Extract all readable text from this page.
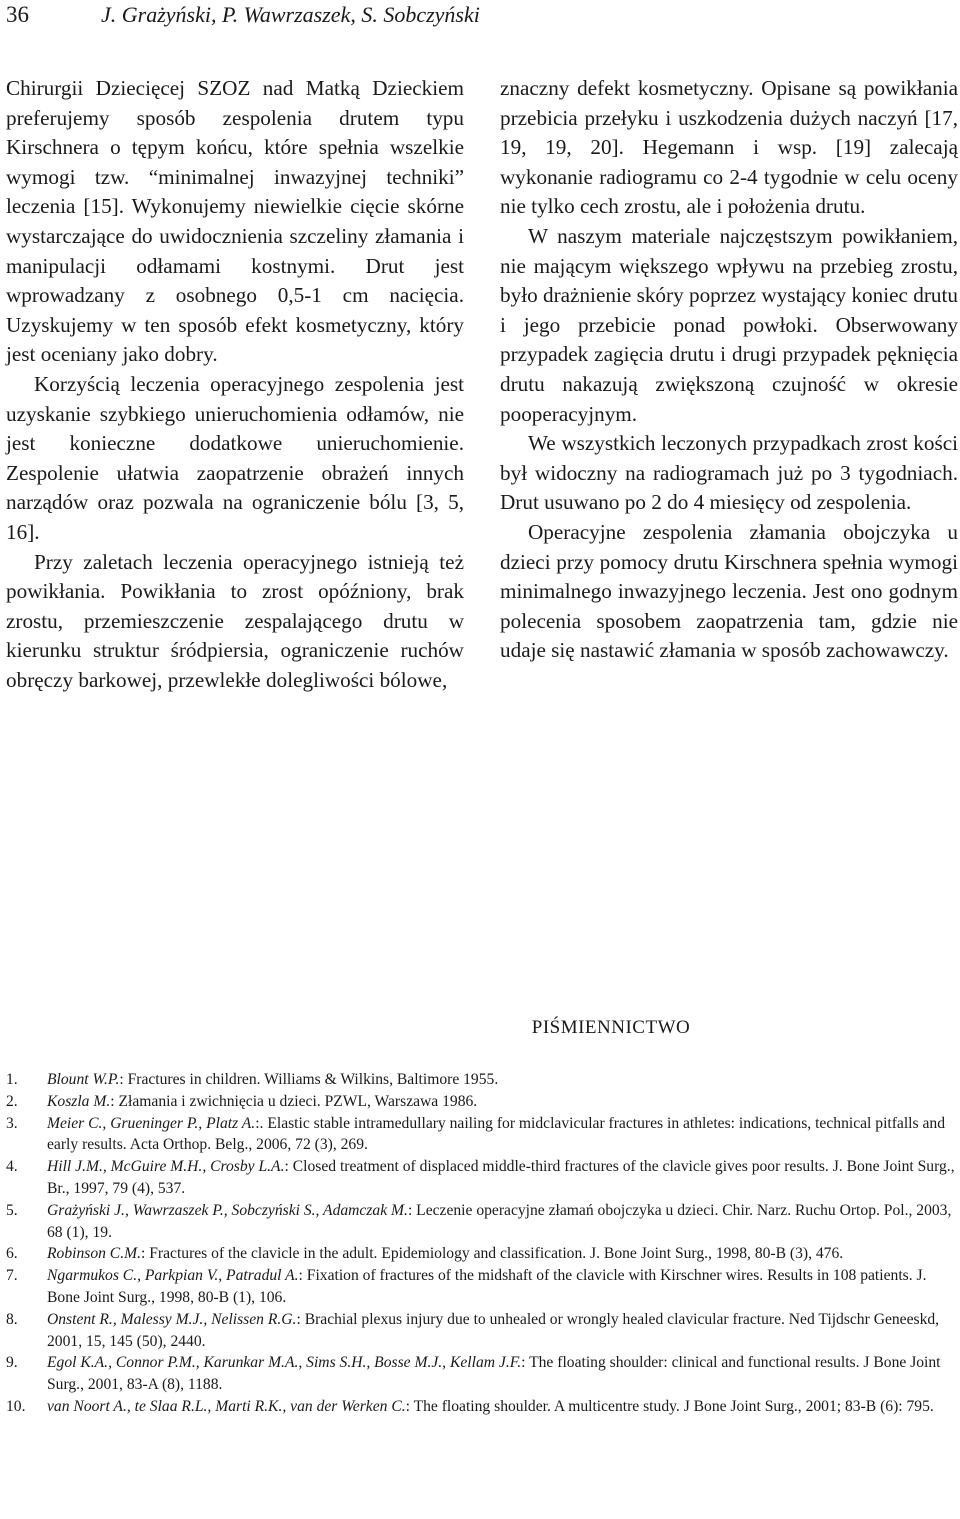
36	J. Grażyński, P. Wawrzaszek, S. Sobczyński

Chirurgii Dziecięcej SZOZ nad Matką Dzieckiem preferujemy sposób zespolenia drutem typu Kirschnera o tępym końcu, które spełnia wszelkie wymogi tzw. “minimalnej inwazyjnej techniki” leczenia [15]. Wykonujemy niewielkie cięcie skórne wystarczające do uwidocznienia szczeliny złamania i manipulacji odłamami kostnymi. Drut jest wprowadzany z osobnego 0,5-1 cm nacięcia. Uzyskujemy w ten sposób efekt kosmetyczny, który jest oceniany jako dobry.

Korzyścią leczenia operacyjnego zespolenia jest uzyskanie szybkiego unieruchomienia odłamów, nie jest konieczne dodatkowe unieruchomienie. Zespolenie ułatwia zaopatrzenie obrażeń innych narządów oraz pozwala na ograniczenie bólu [3, 5, 16].

Przy zaletach leczenia operacyjnego istnieją też powikłania. Powikłania to zrost opóźniony, brak zrostu, przemieszczenie zespalającego drutu w kierunku struktur śródpiersia, ograniczenie ruchów obręczy barkowej, przewlekłe dolegliwości bólowe,

znaczny defekt kosmetyczny. Opisane są powikłania przebicia przełyku i uszkodzenia dużych naczyń [17, 19, 19, 20]. Hegemann i wsp. [19] zalecają wykonanie radiogramu co 2-4 tygodnie w celu oceny nie tylko cech zrostu, ale i położenia drutu.

W naszym materiale najczęstszym powikłaniem, nie mającym większego wpływu na przebieg zrostu, było drażnienie skóry poprzez wystający koniec drutu i jego przebicie ponad powłoki. Obserwowany przypadek zagięcia drutu i drugi przypadek pęknięcia drutu nakazują zwiększoną czujność w okresie pooperacyjnym.

We wszystkich leczonych przypadkach zrost kości był widoczny na radiogramach już po 3 tygodniach. Drut usuwano po 2 do 4 miesięcy od zespolenia.

Operacyjne zespolenia złamania obojczyka u dzieci przy pomocy drutu Kirschnera spełnia wymogi minimalnego inwazyjnego leczenia. Jest ono godnym polecenia sposobem zaopatrzenia tam, gdzie nie udaje się nastawić złamania w sposób zachowawczy.

PIŚMIENNICTWO
1. Blount W.P.: Fractures in children. Williams & Wilkins, Baltimore 1955.
2. Koszla M.: Złamania i zwichnięcia u dzieci. PZWL, Warszawa 1986.
3. Meier C., Grueninger P., Platz A.:. Elastic stable intramedullary nailing for midclavicular fractures in athletes: indications, technical pitfalls and early results. Acta Orthop. Belg., 2006, 72 (3), 269.
4. Hill J.M., McGuire M.H., Crosby L.A.: Closed treatment of displaced middle-third fractures of the clavicle gives poor results. J. Bone Joint Surg., Br., 1997, 79 (4), 537.
5. Grażyński J., Wawrzaszek P., Sobczyński S., Adamczak M.: Leczenie operacyjne złamań obojczyka u dzieci. Chir. Narz. Ruchu Ortop. Pol., 2003, 68 (1), 19.
6. Robinson C.M.: Fractures of the clavicle in the adult. Epidemiology and classification. J. Bone Joint Surg., 1998, 80-B (3), 476.
7. Ngarmukos C., Parkpian V., Patradul A.: Fixation of fractures of the midshaft of the clavicle with Kirschner wires. Results in 108 patients. J. Bone Joint Surg., 1998, 80-B (1), 106.
8. Onstent R., Malessy M.J., Nelissen R.G.: Brachial plexus injury due to unhealed or wrongly healed clavicular fracture. Ned Tijdschr Geneeskd, 2001, 15, 145 (50), 2440.
9. Egol K.A., Connor P.M., Karunkar M.A., Sims S.H., Bosse M.J., Kellam J.F.: The floating shoulder: clinical and functional results. J Bone Joint Surg., 2001, 83-A (8), 1188.
10. van Noort A., te Slaa R.L., Marti R.K., van der Werken C.: The floating shoulder. A multicentre study. J Bone Joint Surg., 2001; 83-B (6): 795.
